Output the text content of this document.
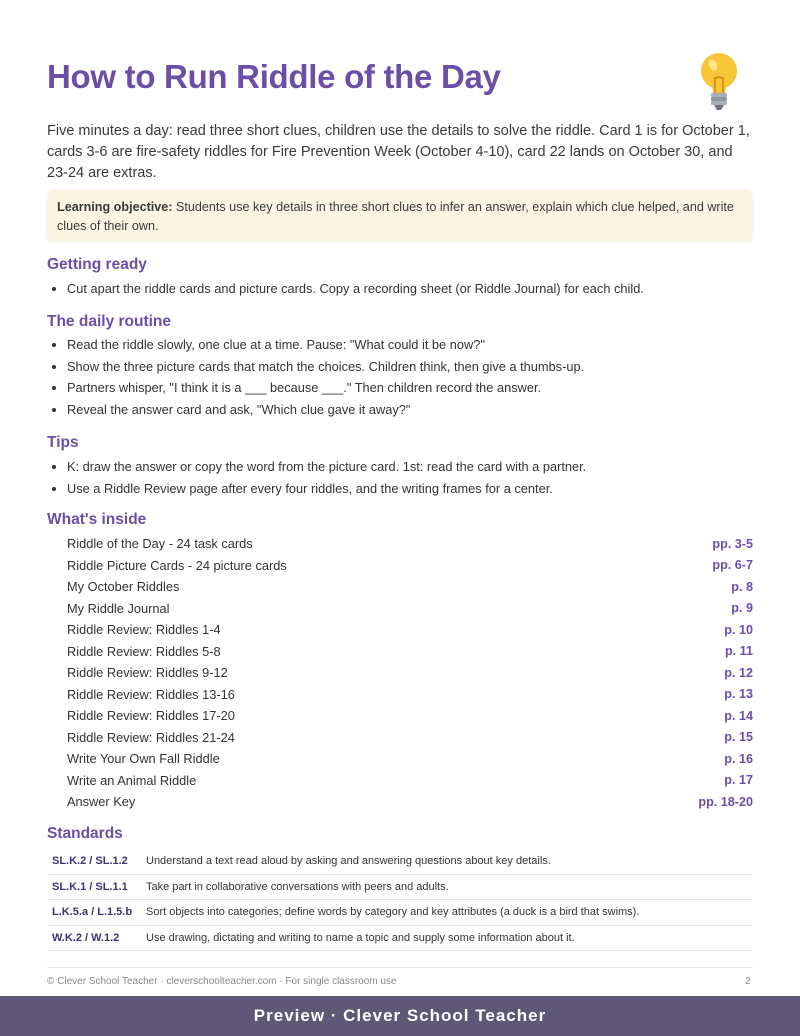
How to Run Riddle of the Day

Five minutes a day: read three short clues, children use the details to solve the riddle. Card 1 is for October 1, cards 3-6 are fire-safety riddles for Fire Prevention Week (October 4-10), card 22 lands on October 30, and 23-24 are extras.

Learning objective: Students use key details in three short clues to infer an answer, explain which clue helped, and write clues of their own.
Getting ready
Cut apart the riddle cards and picture cards. Copy a recording sheet (or Riddle Journal) for each child.
The daily routine
Read the riddle slowly, one clue at a time. Pause: "What could it be now?"
Show the three picture cards that match the choices. Children think, then give a thumbs-up.
Partners whisper, "I think it is a ___ because ___." Then children record the answer.
Reveal the answer card and ask, "Which clue gave it away?"
Tips
K: draw the answer or copy the word from the picture card. 1st: read the card with a partner.
Use a Riddle Review page after every four riddles, and the writing frames for a center.
What's inside
Riddle of the Day - 24 task cards	pp. 3-5
Riddle Picture Cards - 24 picture cards	pp. 6-7
My October Riddles	p. 8
My Riddle Journal	p. 9
Riddle Review: Riddles 1-4	p. 10
Riddle Review: Riddles 5-8	p. 11
Riddle Review: Riddles 9-12	p. 12
Riddle Review: Riddles 13-16	p. 13
Riddle Review: Riddles 17-20	p. 14
Riddle Review: Riddles 21-24	p. 15
Write Your Own Fall Riddle	p. 16
Write an Animal Riddle	p. 17
Answer Key	pp. 18-20
Standards
SL.K.2 / SL.1.2	Understand a text read aloud by asking and answering questions about key details.
SL.K.1 / SL.1.1	Take part in collaborative conversations with peers and adults.
L.K.5.a / L.1.5.b	Sort objects into categories; define words by category and key attributes (a duck is a bird that swims).
W.K.2 / W.1.2	Use drawing, dictating and writing to name a topic and supply some information about it.
© Clever School Teacher · cleverschoolteacher.com · For single classroom use	2
Preview · Clever School Teacher
